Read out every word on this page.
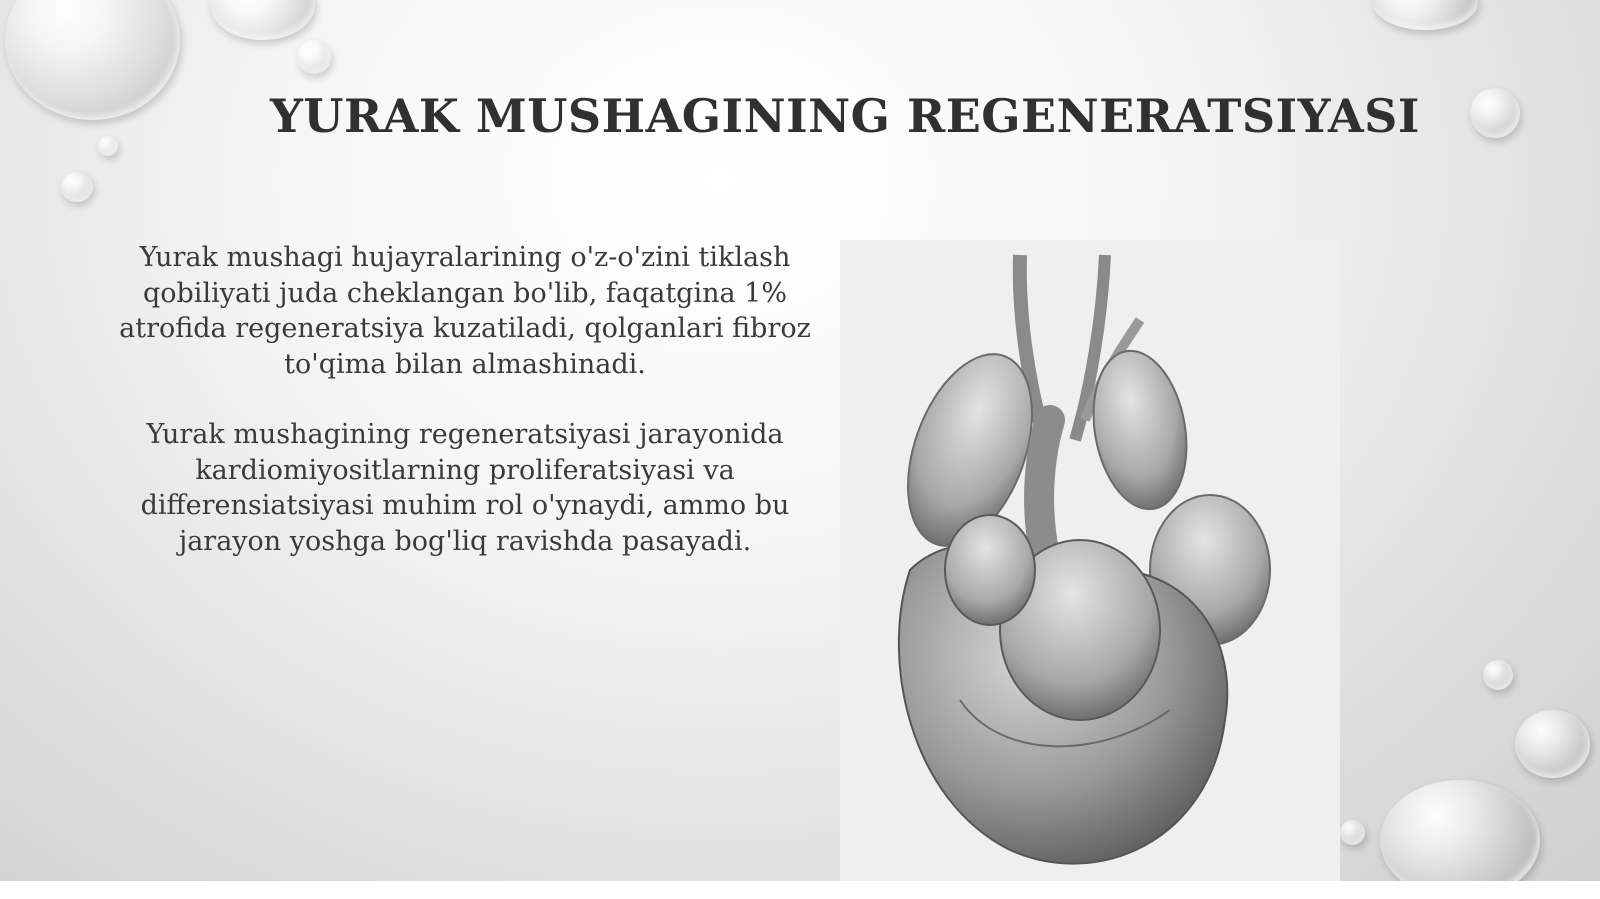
YURAK MUSHAGINING REGENERATSIYASI

Yurak mushagi hujayralarining o'z-o'zini tiklash qobiliyati juda cheklangan bo'lib, faqatgina 1% atrofida regeneratsiya kuzatiladi, qolganlari fibroz to'qima bilan almashinadi.

Yurak mushagining regeneratsiyasi jarayonida kardiomiyositlarning proliferatsiyasi va differensiatsiyasi muhim rol o'ynaydi, ammo bu jarayon yoshga bog'liq ravishda pasayadi.
